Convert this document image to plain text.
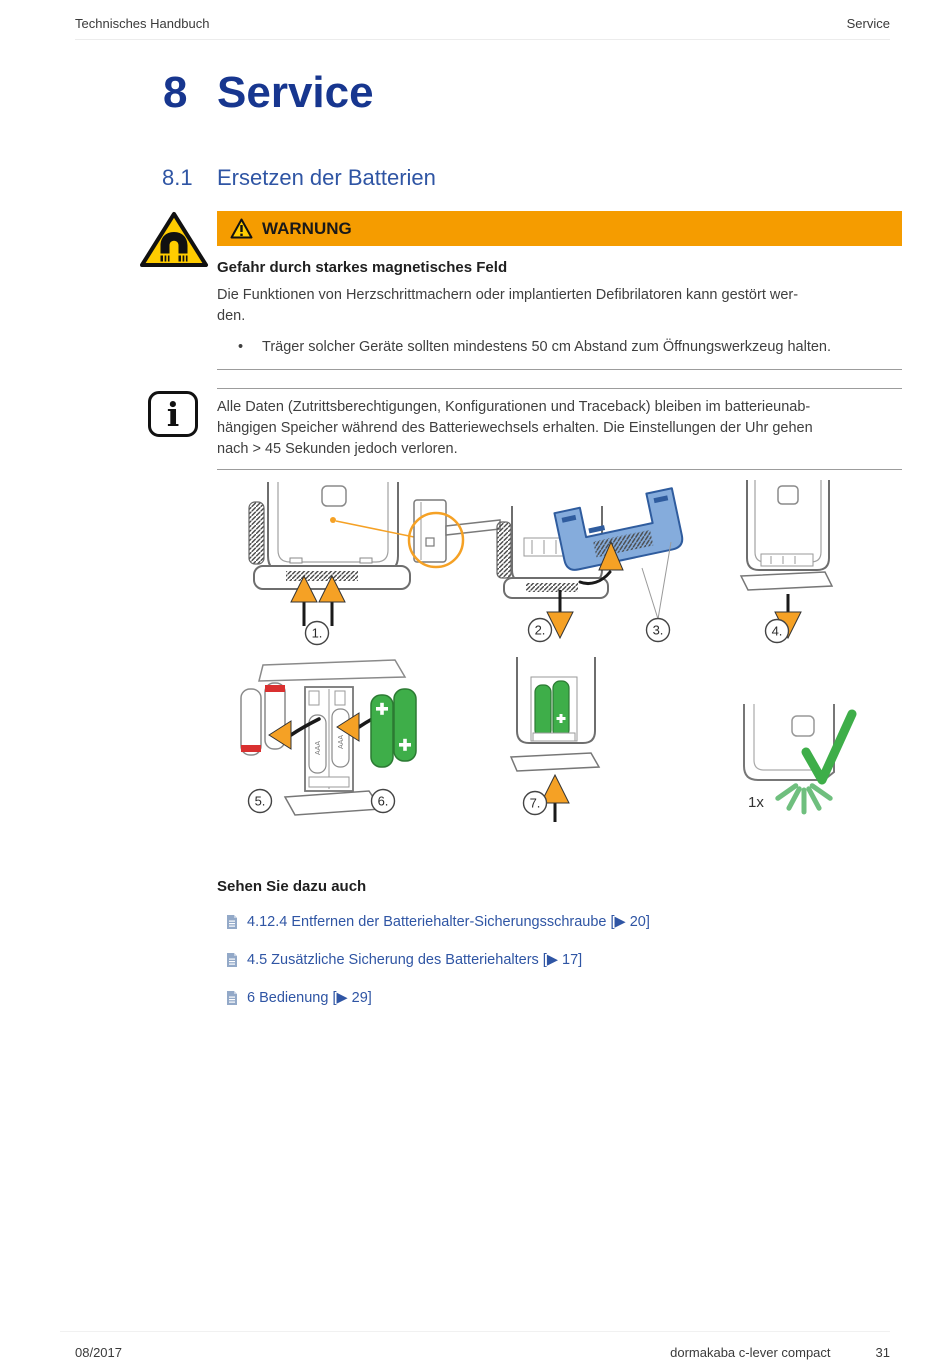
Technisches Handbuch	Service
8 Service
8.1	Ersetzen der Batterien
i
WARNUNG
Gefahr durch starkes magnetisches Feld
Die Funktionen von Herzschrittmachern oder implantierten Defibrilatoren kann gestört wer-
den.
•
Träger solcher Geräte sollten mindestens 50 cm Abstand zum Öffnungswerkzeug halten.
Alle Daten (Zutrittsberechtigungen, Konfigurationen und Traceback) bleiben im batterieunab-
hängigen Speicher während des Batteriewechsels erhalten. Die Einstellungen der Uhr gehen
nach > 45 Sekunden jedoch verloren.
1.	2.	3.	4.
AAA AAA
5.	6.	7.	1x
Sehen Sie dazu auch
4.12.4 Entfernen der Batteriehalter-Sicherungsschraube [▶ 20]
4.5 Zusätzliche Sicherung des Batteriehalters [▶ 17]
6 Bedienung [▶ 29]
08/2017	dormakaba c-lever compact	31
